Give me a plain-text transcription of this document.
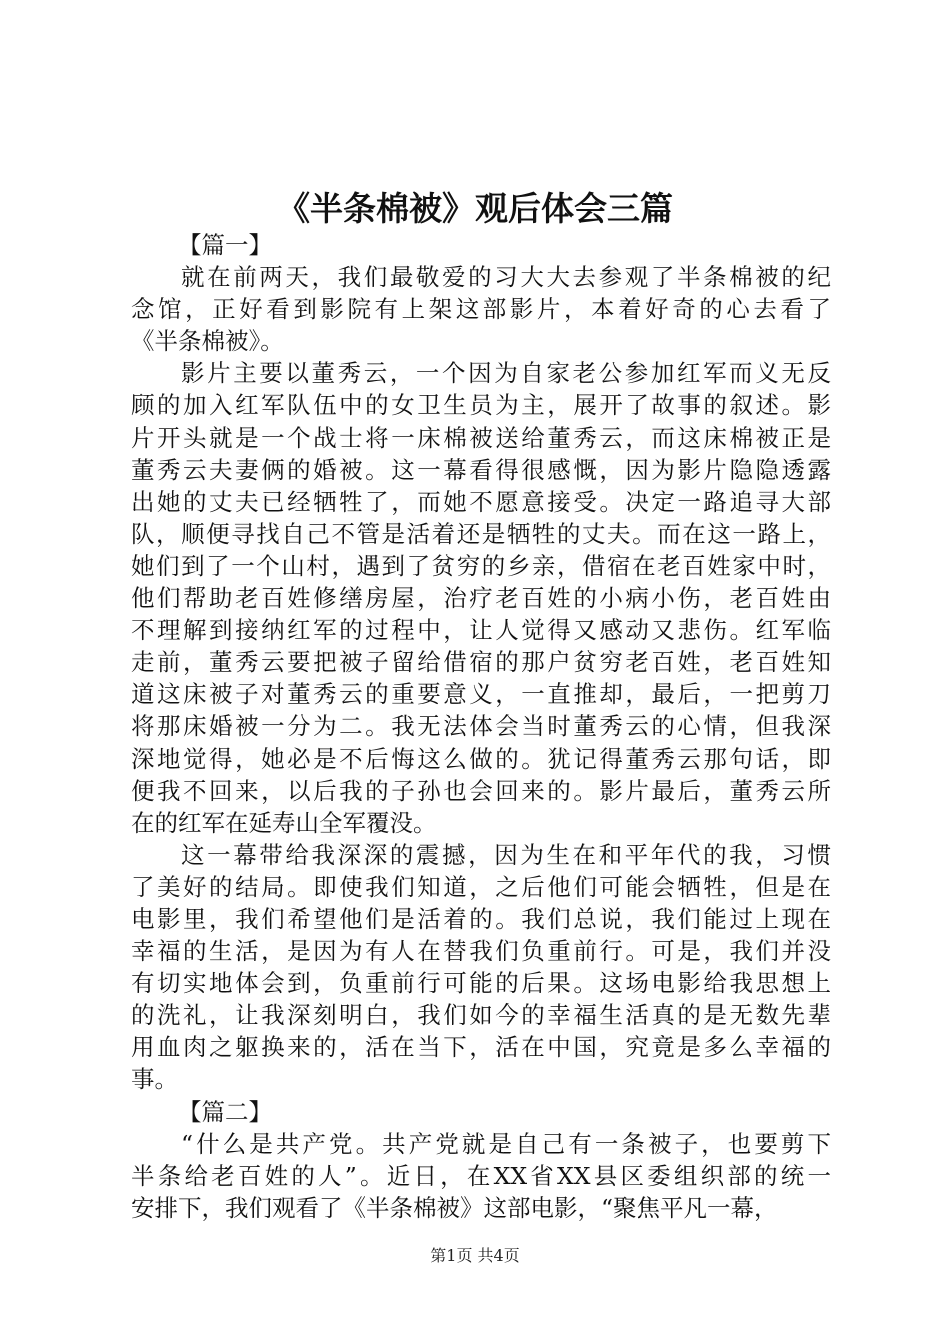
《半条棉被》观后体会三篇
【篇一】
就在前两天，我们最敬爱的习大大去参观了半条棉被的纪
念馆，正好看到影院有上架这部影片，本着好奇的心去看了
《半条棉被》。
影片主要以董秀云，一个因为自家老公参加红军而义无反
顾的加入红军队伍中的女卫生员为主，展开了故事的叙述。影
片开头就是一个战士将一床棉被送给董秀云，而这床棉被正是
董秀云夫妻俩的婚被。这一幕看得很感慨，因为影片隐隐透露
出她的丈夫已经牺牲了，而她不愿意接受。决定一路追寻大部
队，顺便寻找自己不管是活着还是牺牲的丈夫。而在这一路上，
她们到了一个山村，遇到了贫穷的乡亲，借宿在老百姓家中时，
他们帮助老百姓修缮房屋，治疗老百姓的小病小伤，老百姓由
不理解到接纳红军的过程中，让人觉得又感动又悲伤。红军临
走前，董秀云要把被子留给借宿的那户贫穷老百姓，老百姓知
道这床被子对董秀云的重要意义，一直推却，最后，一把剪刀
将那床婚被一分为二。我无法体会当时董秀云的心情，但我深
深地觉得，她必是不后悔这么做的。犹记得董秀云那句话，即
便我不回来，以后我的子孙也会回来的。影片最后，董秀云所
在的红军在延寿山全军覆没。
这一幕带给我深深的震撼，因为生在和平年代的我，习惯
了美好的结局。即使我们知道，之后他们可能会牺牲，但是在
电影里，我们希望他们是活着的。我们总说，我们能过上现在
幸福的生活，是因为有人在替我们负重前行。可是，我们并没
有切实地体会到，负重前行可能的后果。这场电影给我思想上
的洗礼，让我深刻明白，我们如今的幸福生活真的是无数先辈
用血肉之躯换来的，活在当下，活在中国，究竟是多么幸福的
事。
【篇二】
“什么是共产党。共产党就是自己有一条被子，也要剪下
半条给老百姓的人”。近日，在XX省XX县区委组织部的统一
安排下，我们观看了《半条棉被》这部电影，“聚焦平凡一幕，
第1页 共4页
